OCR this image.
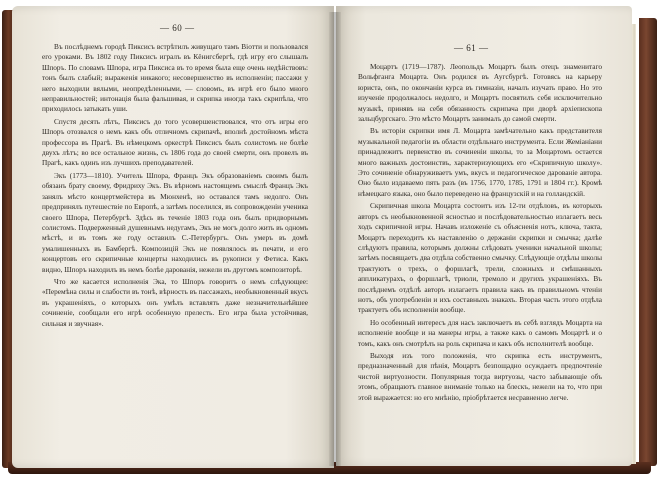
— 60 —

Въ послѣднемъ городѣ Пиксисъ встрѣтилъ живущаго тамъ Віотти и пользовался его уроками. Въ 1802 году Пиксисъ игралъ въ Кёнигсбергѣ, гдѣ игру его слышалъ Шпоръ. По словамъ Шпора, игра Пиксиса въ то время была еще очень недѣйствовъ: тонъ былъ слабый; выраженія никакого; несовершенство въ исполненіи; пассажи у него выходили вялыми, неопредѣленными, — словомъ, въ игрѣ его было много неправильностей; интонація была фальшивая, и скрипка иногда такъ скрипѣла, что приходилось затыкать уши.

Спустя десять лѣтъ, Пиксисъ до того усовершенствовался, что отъ игры его Шпоръ отозвался о немъ какъ объ отличномъ скрипачѣ, вполнѣ достойномъ мѣста профессора въ Прагѣ. Въ нѣмецкомъ оркестрѣ Пиксисъ былъ солистомъ не болѣе двухъ лѣтъ; во все остальное жизнь, съ 1806 года до своей смерти, онъ провелъ въ Прагѣ, какъ одинъ изъ лучшихъ преподавателей.

Экъ (1773—1810). Учитель Шпора, Францъ Экъ образованіемъ своимъ былъ обязанъ брату своему, Фридриху Экъ. Въ вѣрномъ настоящемъ смыслѣ Францъ Экъ занялъ мѣсто концертмейстера въ Мюнхенѣ, но оставался тамъ недолго. Онъ предпринялъ путешествіе по Европѣ, а затѣмъ поселился, въ сопровожденіи ученика своего Шпора, Петербургѣ. Здѣсь въ теченіе 1803 года онъ былъ придворнымъ солистомъ. Подверженный душевнымъ недугамъ, Экъ не могъ долго жить въ одномъ мѣстѣ, и въ томъ же году оставилъ С.-Петербургъ. Онъ умеръ въ домѣ умалишенныхъ въ Бамбергѣ. Композицій Экъ не появлялось въ печати, и его концертовъ его скрипичные концерты находились въ рукописи у Фетиса. Какъ видно, Шпоръ находилъ въ немъ болѣе дарованія, нежели въ другомъ композиторѣ.

Что же касается исполненія Эка, то Шпоръ говоритъ о немъ слѣдующее: «Перемѣна силы и слабости въ тонѣ, вѣрность въ пассажахъ, необыкновенный вкусъ въ украшеніяхъ, о которыхъ онъ умѣлъ вставлять даже незначительнѣйшее сочиненіе, сообщали его игрѣ особенную прелесть. Его игра была устойчивая, сильная и звучная».

— 61 —

Моцартъ (1719—1787). Леопольдъ Моцартъ былъ отецъ знаменитаго Вольфганга Моцарта. Онъ родился въ Аугсбургѣ. Готовясь на карьеру юриста, онъ, по окончаніи курса въ гимназіи, началъ изучать право. Но это изученіе продолжалось недолго, и Моцартъ посвятилъ себя исключительно музыкѣ, принявъ на себя обязанность скрипача при дворѣ архіепископа зальцбургскаго. Это мѣсто Моцартъ занималъ до самой смерти.

Въ исторіи скрипки имя Л. Моцарта замѣчательно какъ представителя музыкальной педагогіи въ области отдѣльнаго инструмента. Если Жеміаніани принадлежитъ первенство въ сочиненіи школы, то за Моцартомъ остается много важныхъ достоинствъ, характеризующихъ его «Скрипичную школу». Это сочиненіе обнаруживаетъ умъ, вкусъ и педагогическое дарованіе автора. Оно было издаваемо пять разъ (въ 1756, 1770, 1785, 1791 и 1804 гг.). Кромѣ нѣмецкаго языка, оно было переведено на французскій и на голландскій.

Скрипичная школа Моцарта состоитъ изъ 12-ти отдѣловъ, въ которыхъ авторъ съ необыкновенной ясностью и послѣдовательностью излагаетъ весь ходъ скрипичной игры. Начавъ изложеніе съ объясненія нотъ, ключа, такта, Моцартъ переходитъ къ наставленію о держаніи скрипки и смычка; далѣе слѣдуютъ правила, которымъ должны слѣдовать ученики начальной школы; затѣмъ посвящаетъ два отдѣла собственно смычку. Слѣдующіе отдѣлы школы трактуютъ о трехъ, о форшлагѣ, трели, сложныхъ и смѣшанныхъ аппликатурахъ, о форшлагѣ, триоли, тремоло и другихъ украшеніяхъ. Въ послѣднемъ отдѣлѣ авторъ излагаетъ правила какъ въ правильномъ чтеніи нотъ, объ употребленіи и ихъ составныхъ знакахъ. Вторая часть этого отдѣла трактуетъ объ исполненіи вообще.

Но особенный интересъ для насъ заключаетъ въ себѣ взглядъ Моцарта на исполненіе вообще и на манеры игры, а также какъ о самомъ Моцартѣ и о томъ, какъ онъ смотрѣлъ на роль скрипача и какъ объ исполнителѣ вообще.

Выходя изъ того положенія, что скрипка есть инструментъ, предназначенный для пѣнія, Моцартъ безпощадно осуждаетъ предпочтеніе чистой виртуозности. Популярныя тогда виртуозы, часто забывающіе объ этомъ, обращаютъ главное вниманіе только на блескъ, нежели на то, что при этой выражается: но его мнѣнію, пріобрѣтается несравненно легче.
